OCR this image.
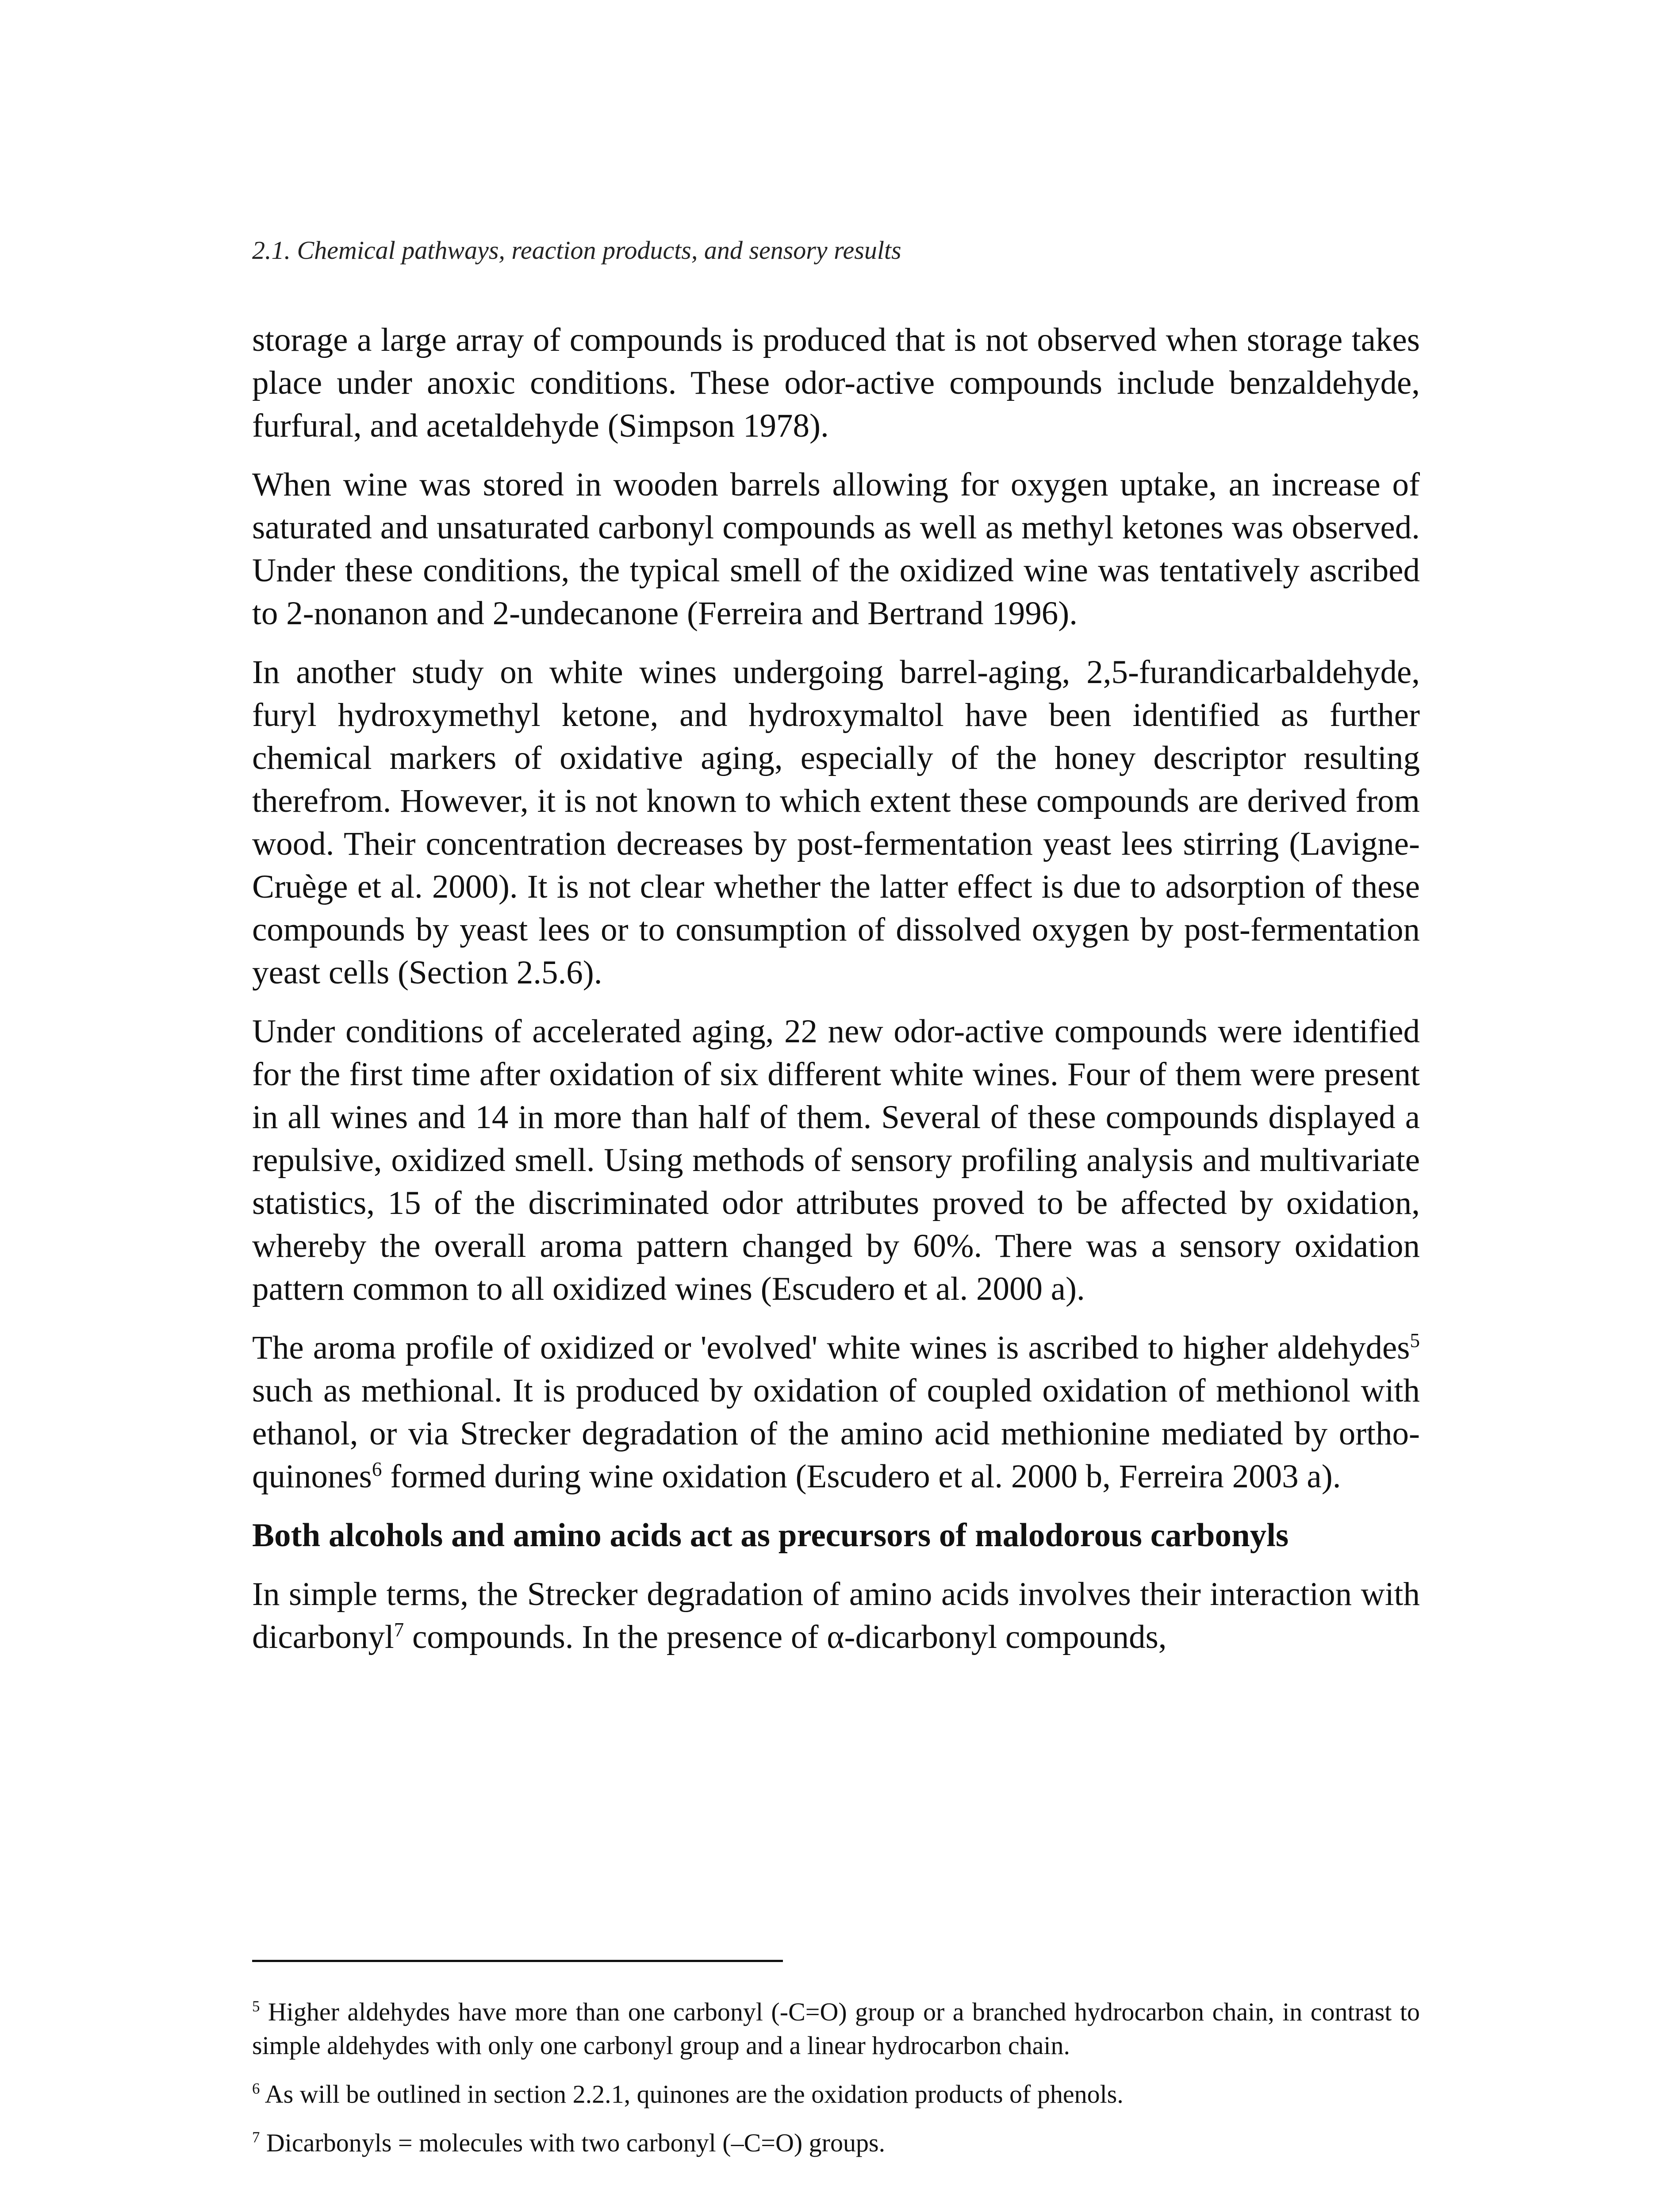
2.1. Chemical pathways, reaction products, and sensory results

storage a large array of compounds is produced that is not observed when storage takes place under anoxic conditions. These odor-active compounds include benzaldehyde, furfural, and acetaldehyde (Simpson 1978).

When wine was stored in wooden barrels allowing for oxygen uptake, an increase of saturated and unsaturated carbonyl compounds as well as methyl ketones was observed. Under these conditions, the typical smell of the oxidized wine was tentatively ascribed to 2-nonanon and 2-undecanone (Ferreira and Bertrand 1996).

In another study on white wines undergoing barrel-aging, 2,5-furandicarbaldehyde, furyl hydroxymethyl ketone, and hydroxymaltol have been identified as further chemical markers of oxidative aging, especially of the honey descriptor resulting therefrom. However, it is not known to which extent these compounds are derived from wood. Their concentration decreases by post-fermentation yeast lees stirring (Lavigne-Cruège et al. 2000). It is not clear whether the latter effect is due to adsorption of these compounds by yeast lees or to consumption of dissolved oxygen by post-fermentation yeast cells (Section 2.5.6).

Under conditions of accelerated aging, 22 new odor-active compounds were identified for the first time after oxidation of six different white wines. Four of them were present in all wines and 14 in more than half of them. Several of these compounds displayed a repulsive, oxidized smell. Using methods of sensory profiling analysis and multivariate statistics, 15 of the discriminated odor attributes proved to be affected by oxidation, whereby the overall aroma pattern changed by 60%. There was a sensory oxidation pattern common to all oxidized wines (Escudero et al. 2000 a).

The aroma profile of oxidized or 'evolved' white wines is ascribed to higher aldehydes$^5$ such as methional. It is produced by oxidation of coupled oxidation of methionol with ethanol, or via Strecker degradation of the amino acid methionine mediated by ortho-quinones$^6$ formed during wine oxidation (Escudero et al. 2000 b, Ferreira 2003 a).

Both alcohols and amino acids act as precursors of malodorous carbonyls

In simple terms, the Strecker degradation of amino acids involves their interaction with dicarbonyl$^7$ compounds. In the presence of α-dicarbonyl compounds,

$^5$ Higher aldehydes have more than one carbonyl (-C=O) group or a branched hydrocarbon chain, in contrast to simple aldehydes with only one carbonyl group and a linear hydrocarbon chain.

$^6$ As will be outlined in section 2.2.1, quinones are the oxidation products of phenols.

$^7$ Dicarbonyls = molecules with two carbonyl (–C=O) groups.
